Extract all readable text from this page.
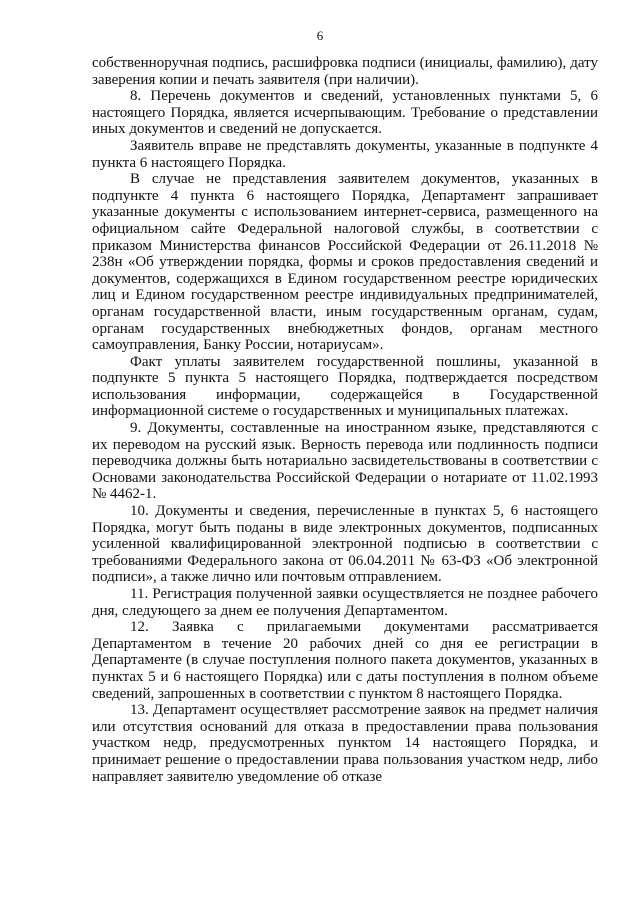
6

собственноручная подпись, расшифровка подписи (инициалы, фамилию), дату заверения копии и печать заявителя (при наличии).

8. Перечень документов и сведений, установленных пунктами 5, 6 настоящего Порядка, является исчерпывающим. Требование о представлении иных документов и сведений не допускается.

Заявитель вправе не представлять документы, указанные в подпункте 4 пункта 6 настоящего Порядка.

В случае не представления заявителем документов, указанных в подпункте 4 пункта 6 настоящего Порядка, Департамент запрашивает указанные документы с использованием интернет-сервиса, размещенного на официальном сайте Федеральной налоговой службы, в соответствии с приказом Министерства финансов Российской Федерации от 26.11.2018 № 238н «Об утверждении порядка, формы и сроков предоставления сведений и документов, содержащихся в Едином государственном реестре юридических лиц и Едином государственном реестре индивидуальных предпринимателей, органам государственной власти, иным государственным органам, судам, органам государственных внебюджетных фондов, органам местного самоуправления, Банку России, нотариусам».

Факт уплаты заявителем государственной пошлины, указанной в подпункте 5 пункта 5 настоящего Порядка, подтверждается посредством использования информации, содержащейся в Государственной информационной системе о государственных и муниципальных платежах.

9. Документы, составленные на иностранном языке, представляются с их переводом на русский язык. Верность перевода или подлинность подписи переводчика должны быть нотариально засвидетельствованы в соответствии с Основами законодательства Российской Федерации о нотариате от 11.02.1993 № 4462-1.

10. Документы и сведения, перечисленные в пунктах 5, 6 настоящего Порядка, могут быть поданы в виде электронных документов, подписанных усиленной квалифицированной электронной подписью в соответствии с требованиями Федерального закона от 06.04.2011 № 63-ФЗ «Об электронной подписи», а также лично или почтовым отправлением.

11. Регистрация полученной заявки осуществляется не позднее рабочего дня, следующего за днем ее получения Департаментом.

12. Заявка с прилагаемыми документами рассматривается Департаментом в течение 20 рабочих дней со дня ее регистрации в Департаменте (в случае поступления полного пакета документов, указанных в пунктах 5 и 6 настоящего Порядка) или с даты поступления в полном объеме сведений, запрошенных в соответствии с пунктом 8 настоящего Порядка.

13. Департамент осуществляет рассмотрение заявок на предмет наличия или отсутствия оснований для отказа в предоставлении права пользования участком недр, предусмотренных пунктом 14 настоящего Порядка, и принимает решение о предоставлении права пользования участком недр, либо направляет заявителю уведомление об отказе
